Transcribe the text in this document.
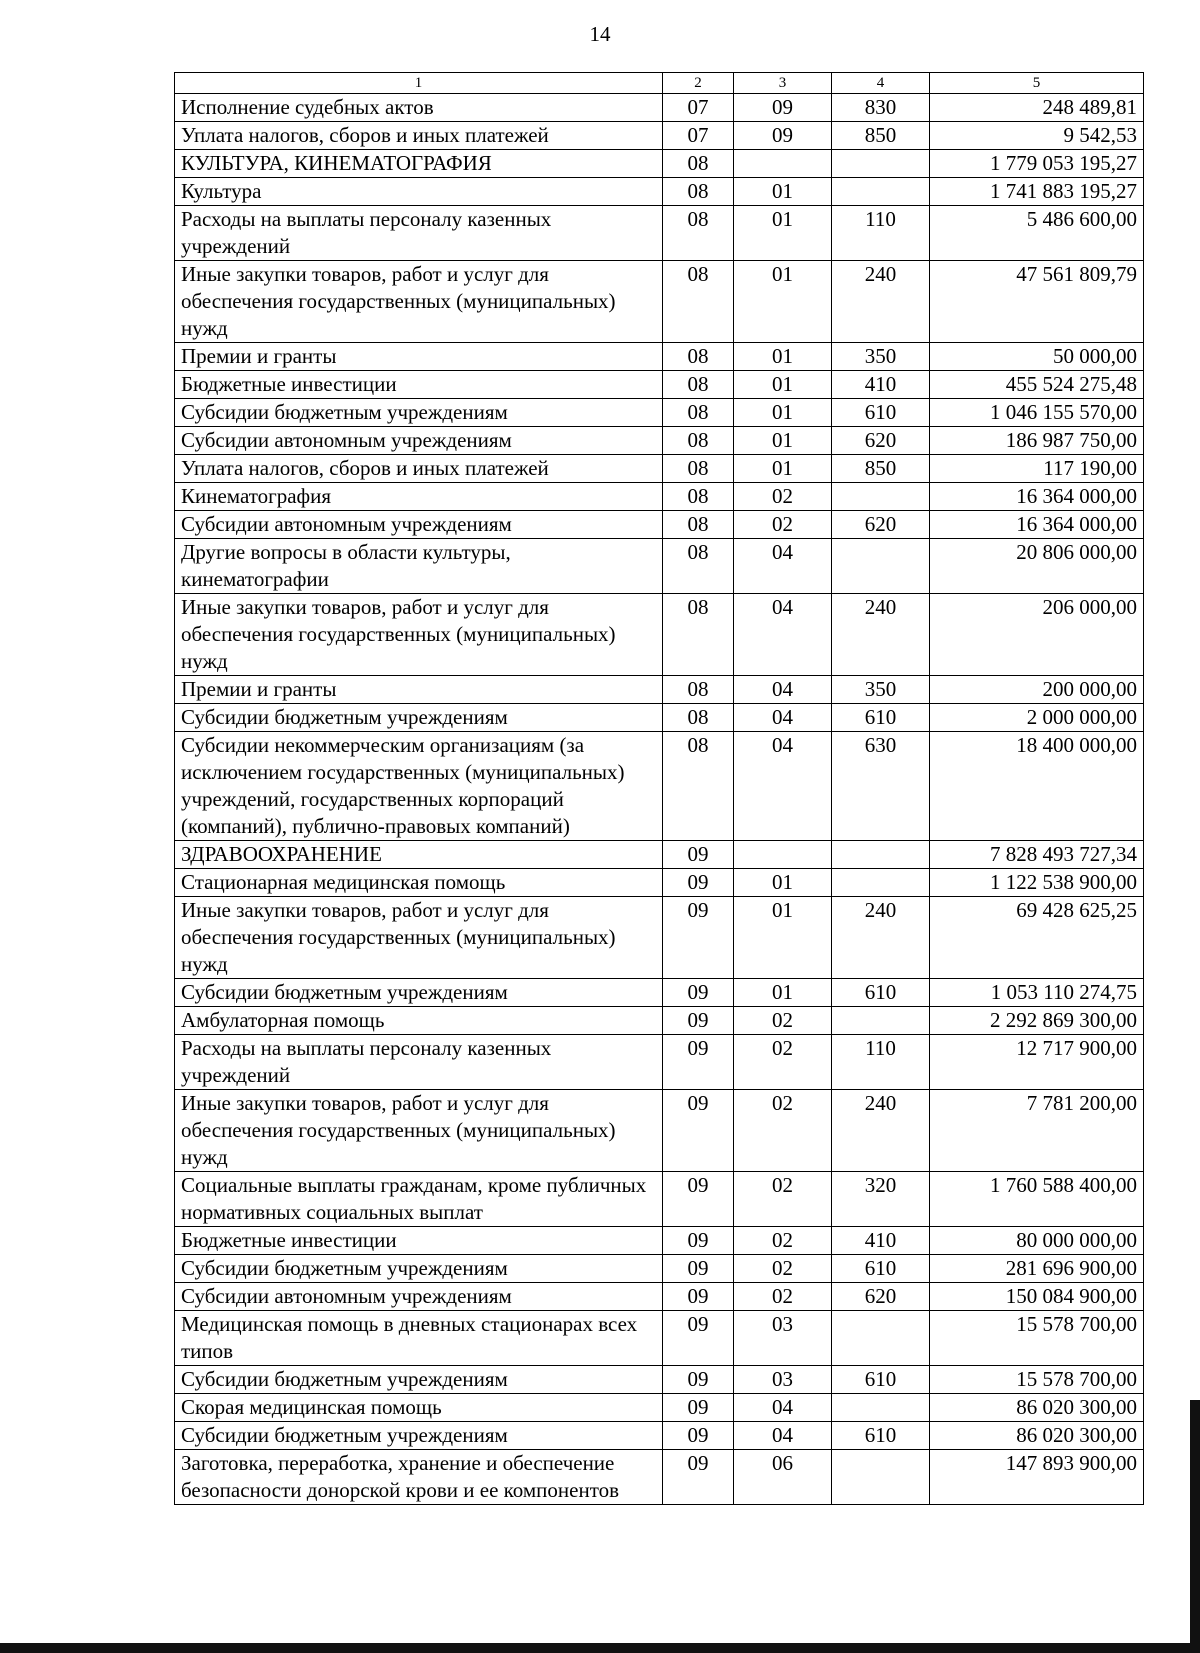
14
1	2	3	4	5
Исполнение судебных актов	07	09	830	248 489,81
Уплата налогов, сборов и иных платежей	07	09	850	9 542,53
КУЛЬТУРА, КИНЕМАТОГРАФИЯ	08			1 779 053 195,27
Культура	08	01		1 741 883 195,27
Расходы на выплаты персоналу казенных учреждений	08	01	110	5 486 600,00
Иные закупки товаров, работ и услуг для обеспечения государственных (муниципальных) нужд	08	01	240	47 561 809,79
Премии и гранты	08	01	350	50 000,00
Бюджетные инвестиции	08	01	410	455 524 275,48
Субсидии бюджетным учреждениям	08	01	610	1 046 155 570,00
Субсидии автономным учреждениям	08	01	620	186 987 750,00
Уплата налогов, сборов и иных платежей	08	01	850	117 190,00
Кинематография	08	02		16 364 000,00
Субсидии автономным учреждениям	08	02	620	16 364 000,00
Другие вопросы в области культуры, кинематографии	08	04		20 806 000,00
Иные закупки товаров, работ и услуг для обеспечения государственных (муниципальных) нужд	08	04	240	206 000,00
Премии и гранты	08	04	350	200 000,00
Субсидии бюджетным учреждениям	08	04	610	2 000 000,00
Субсидии некоммерческим организациям (за исключением государственных (муниципальных) учреждений, государственных корпораций (компаний), публично-правовых компаний)	08	04	630	18 400 000,00
ЗДРАВООХРАНЕНИЕ	09			7 828 493 727,34
Стационарная медицинская помощь	09	01		1 122 538 900,00
Иные закупки товаров, работ и услуг для обеспечения государственных (муниципальных) нужд	09	01	240	69 428 625,25
Субсидии бюджетным учреждениям	09	01	610	1 053 110 274,75
Амбулаторная помощь	09	02		2 292 869 300,00
Расходы на выплаты персоналу казенных учреждений	09	02	110	12 717 900,00
Иные закупки товаров, работ и услуг для обеспечения государственных (муниципальных) нужд	09	02	240	7 781 200,00
Социальные выплаты гражданам, кроме публичных нормативных социальных выплат	09	02	320	1 760 588 400,00
Бюджетные инвестиции	09	02	410	80 000 000,00
Субсидии бюджетным учреждениям	09	02	610	281 696 900,00
Субсидии автономным учреждениям	09	02	620	150 084 900,00
Медицинская помощь в дневных стационарах всех типов	09	03		15 578 700,00
Субсидии бюджетным учреждениям	09	03	610	15 578 700,00
Скорая медицинская помощь	09	04		86 020 300,00
Субсидии бюджетным учреждениям	09	04	610	86 020 300,00
Заготовка, переработка, хранение и обеспечение безопасности донорской крови и ее компонентов	09	06		147 893 900,00
